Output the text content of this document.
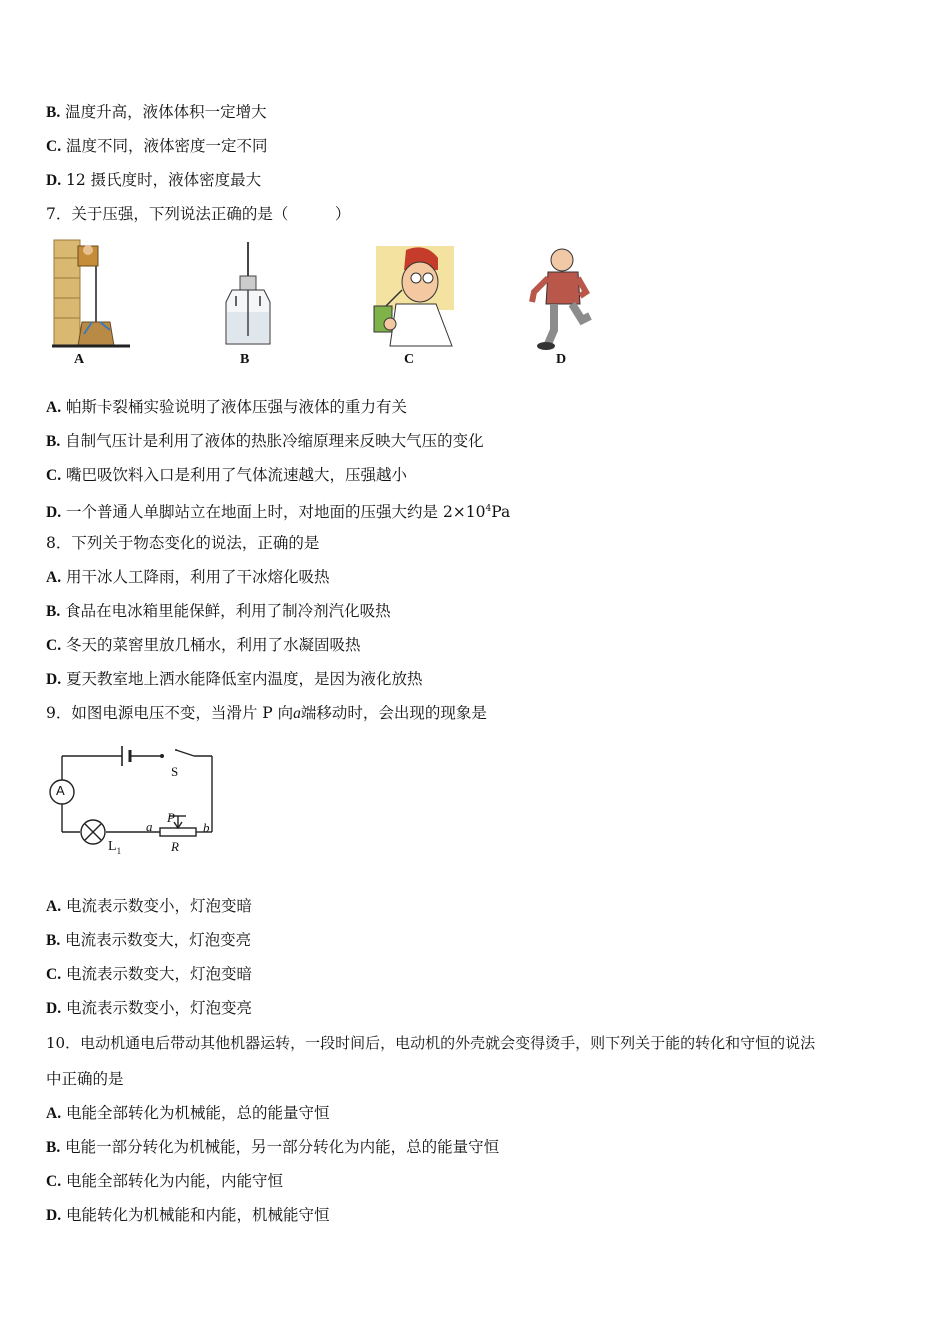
B. 温度升高，液体体积一定增大
C. 温度不同，液体密度一定不同
D. 12 摄氏度时，液体密度最大
7．关于压强，下列说法正确的是（　　　）
A	B	C	D
A. 帕斯卡裂桶实验说明了液体压强与液体的重力有关
B. 自制气压计是利用了液体的热胀冷缩原理来反映大气压的变化
C. 嘴巴吸饮料入口是利用了气体流速越大，压强越小
D. 一个普通人单脚站立在地面上时，对地面的压强大约是 $2\times 10^4Pa$
8．下列关于物态变化的说法，正确的是
A. 用干冰人工降雨，利用了干冰熔化吸热
B. 食品在电冰箱里能保鲜，利用了制冷剂汽化吸热
C. 冬天的菜窖里放几桶水，利用了水凝固吸热
D. 夏天教室地上洒水能降低室内温度，是因为液化放热
9．如图电源电压不变，当滑片 P 向a端移动时，会出现的现象是
A
S
$L_1$
a	b
P
R
A. 电流表示数变小，灯泡变暗
B. 电流表示数变大，灯泡变亮
C. 电流表示数变大，灯泡变暗
D. 电流表示数变小，灯泡变亮
10．电动机通电后带动其他机器运转，一段时间后，电动机的外壳就会变得烫手，则下列关于能的转化和守恒的说法
中正确的是
A. 电能全部转化为机械能，总的能量守恒
B. 电能一部分转化为机械能，另一部分转化为内能，总的能量守恒
C. 电能全部转化为内能，内能守恒
D. 电能转化为机械能和内能，机械能守恒
